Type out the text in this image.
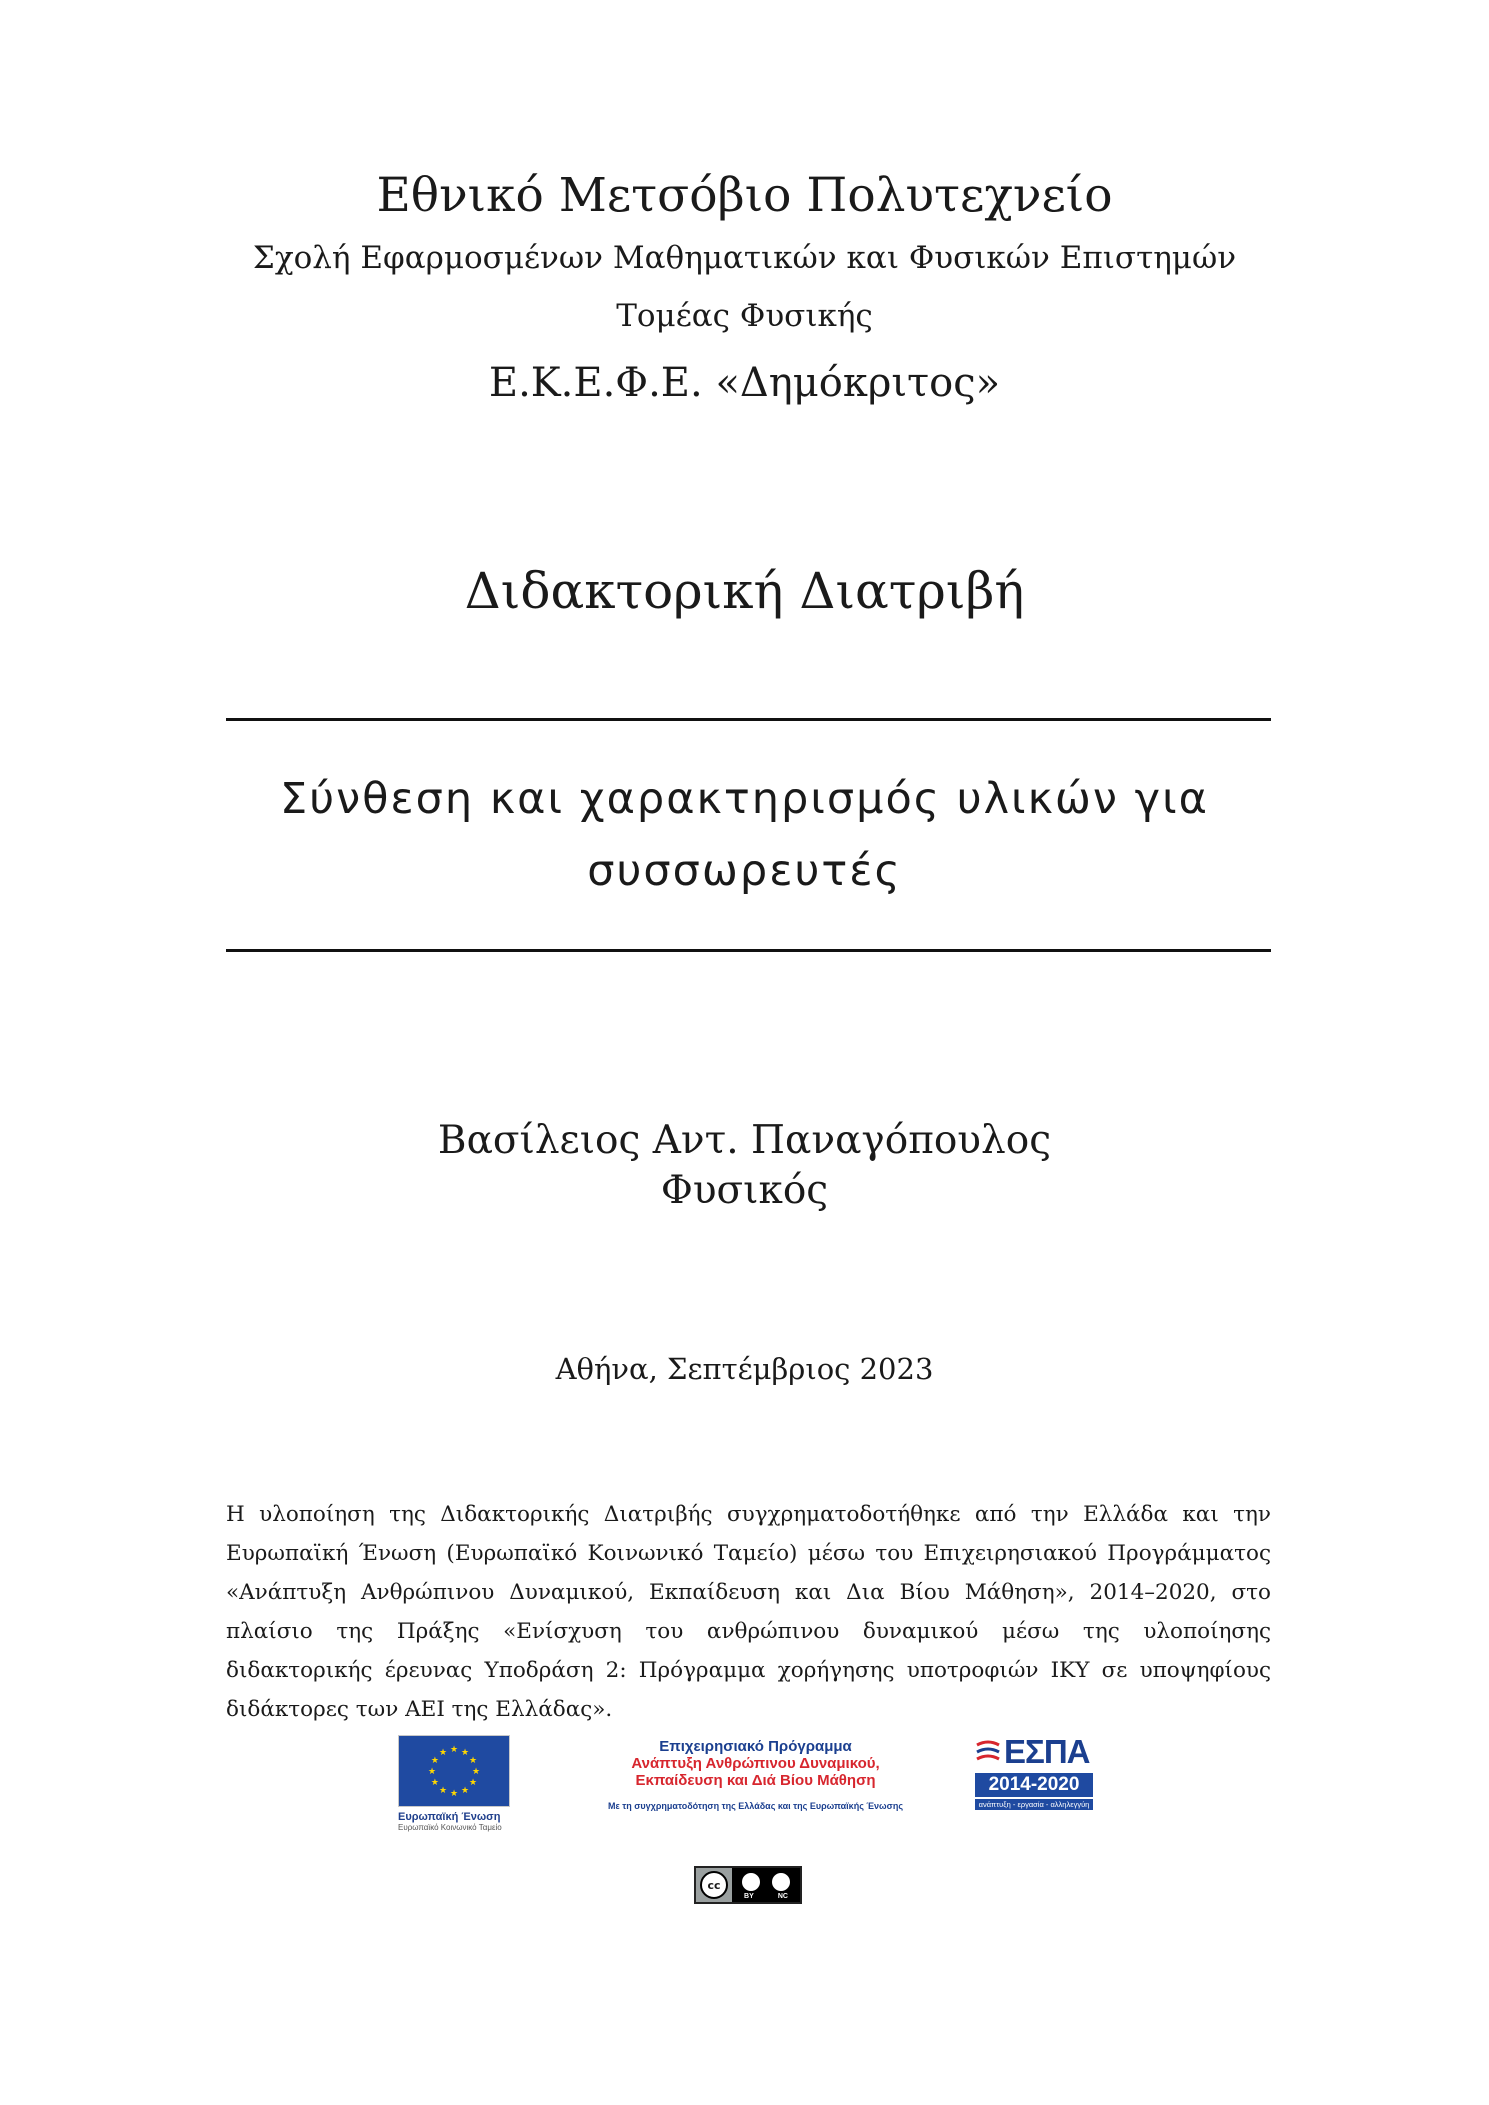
Εθνικό Μετσόβιο Πολυτεχνείο
Σχολή Εφαρμοσμένων Μαθηματικών και Φυσικών Επιστημών
Τομέας Φυσικής
Ε.Κ.Ε.Φ.Ε. «Δημόκριτος»
Διδακτορική Διατριβή
Σύνθεση και χαρακτηρισμός υλικών για
συσσωρευτές
Βασίλειος Αντ. Παναγόπουλος
Φυσικός
Αθήνα, Σεπτέμβριος 2023
Η υλοποίηση της Διδακτορικής Διατριβής συγχρηματοδοτήθηκε από την Ελλάδα και την Ευρωπαϊκή Ένωση (Ευρωπαϊκό Κοινωνικό Ταμείο) μέσω του Επιχειρησιακού Προγράμματος «Ανάπτυξη Ανθρώπινου Δυναμικού, Εκπαίδευση και Δια Βίου Μάθηση», 2014–2020, στο πλαίσιο της Πράξης «Ενίσχυση του ανθρώπινου δυναμικού μέσω της υλοποίησης διδακτορικής έρευνας Υποδράση 2: Πρόγραμμα χορήγησης υποτροφιών ΙΚΥ σε υποψηφίους διδάκτορες των ΑΕΙ της Ελλάδας».
★ ★
★
★
★
★
★
★
★
★
★
★
Ευρωπαϊκή Ένωση
Ευρωπαϊκό Κοινωνικό Ταμείο
Επιχειρησιακό Πρόγραμμα
Ανάπτυξη Ανθρώπινου Δυναμικού,
Εκπαίδευση και Διά Βίου Μάθηση
Με τη συγχρηματοδότηση της Ελλάδας και της Ευρωπαϊκής Ένωσης
ΕΣΠΑ
2014-2020
ανάπτυξη - εργασία - αλληλεγγύη
cc	●	$
BY	NC
